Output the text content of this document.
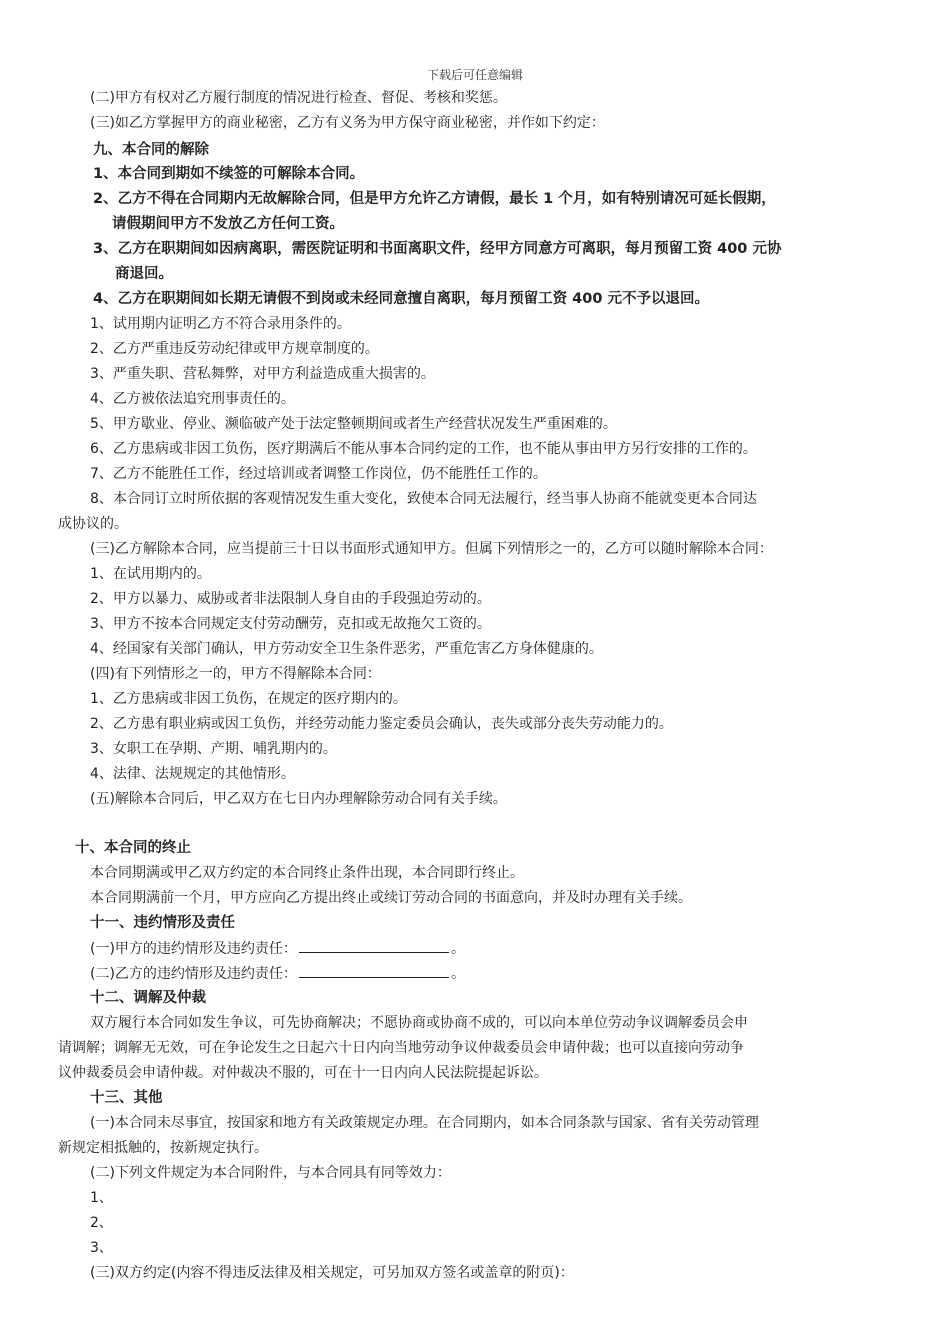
下载后可任意编辑
(二)甲方有权对乙方履行制度的情况进行检查、督促、考核和奖惩。
(三)如乙方掌握甲方的商业秘密，乙方有义务为甲方保守商业秘密，并作如下约定：
九、本合同的解除
1、本合同到期如不续签的可解除本合同。
2、乙方不得在合同期内无故解除合同，但是甲方允许乙方请假，最长 1 个月，如有特别请况可延长假期，
请假期间甲方不发放乙方任何工资。
3、乙方在职期间如因病离职，需医院证明和书面离职文件，经甲方同意方可离职，每月预留工资 400 元协
商退回。
4、乙方在职期间如长期无请假不到岗或未经同意擅自离职，每月预留工资 400 元不予以退回。
1、试用期内证明乙方不符合录用条件的。
2、乙方严重违反劳动纪律或甲方规章制度的。
3、严重失职、营私舞弊，对甲方利益造成重大损害的。
4、乙方被依法追究刑事责任的。
5、甲方歇业、停业、濒临破产处于法定整顿期间或者生产经营状况发生严重困难的。
6、乙方患病或非因工负伤，医疗期满后不能从事本合同约定的工作，也不能从事由甲方另行安排的工作的。
7、乙方不能胜任工作，经过培训或者调整工作岗位，仍不能胜任工作的。
8、本合同订立时所依据的客观情况发生重大变化，致使本合同无法履行，经当事人协商不能就变更本合同达
成协议的。
(三)乙方解除本合同，应当提前三十日以书面形式通知甲方。但属下列情形之一的，乙方可以随时解除本合同：
1、在试用期内的。
2、甲方以暴力、威胁或者非法限制人身自由的手段强迫劳动的。
3、甲方不按本合同规定支付劳动酬劳，克扣或无故拖欠工资的。
4、经国家有关部门确认，甲方劳动安全卫生条件恶劣，严重危害乙方身体健康的。
(四)有下列情形之一的，甲方不得解除本合同：
1、乙方患病或非因工负伤，在规定的医疗期内的。
2、乙方患有职业病或因工负伤，并经劳动能力鉴定委员会确认，丧失或部分丧失劳动能力的。
3、女职工在孕期、产期、哺乳期内的。
4、法律、法规规定的其他情形。
(五)解除本合同后，甲乙双方在七日内办理解除劳动合同有关手续。
十、本合同的终止
本合同期满或甲乙双方约定的本合同终止条件出现，本合同即行终止。
本合同期满前一个月，甲方应向乙方提出终止或续订劳动合同的书面意向，并及时办理有关手续。
十一、违约情形及责任
(一)甲方的违约情形及违约责任：	。
(二)乙方的违约情形及违约责任：	。
十二、调解及仲裁
双方履行本合同如发生争议，可先协商解决；不愿协商或协商不成的，可以向本单位劳动争议调解委员会申
请调解；调解无无效，可在争论发生之日起六十日内向当地劳动争议仲裁委员会申请仲裁；也可以直接向劳动争
议仲裁委员会申请仲裁。对仲裁决不服的，可在十一日内向人民法院提起诉讼。
十三、其他
(一)本合同未尽事宜，按国家和地方有关政策规定办理。在合同期内，如本合同条款与国家、省有关劳动管理
新规定相抵触的，按新规定执行。
(二)下列文件规定为本合同附件，与本合同具有同等效力：
1、
2、
3、
(三)双方约定(内容不得违反法律及相关规定，可另加双方签名或盖章的附页)：
